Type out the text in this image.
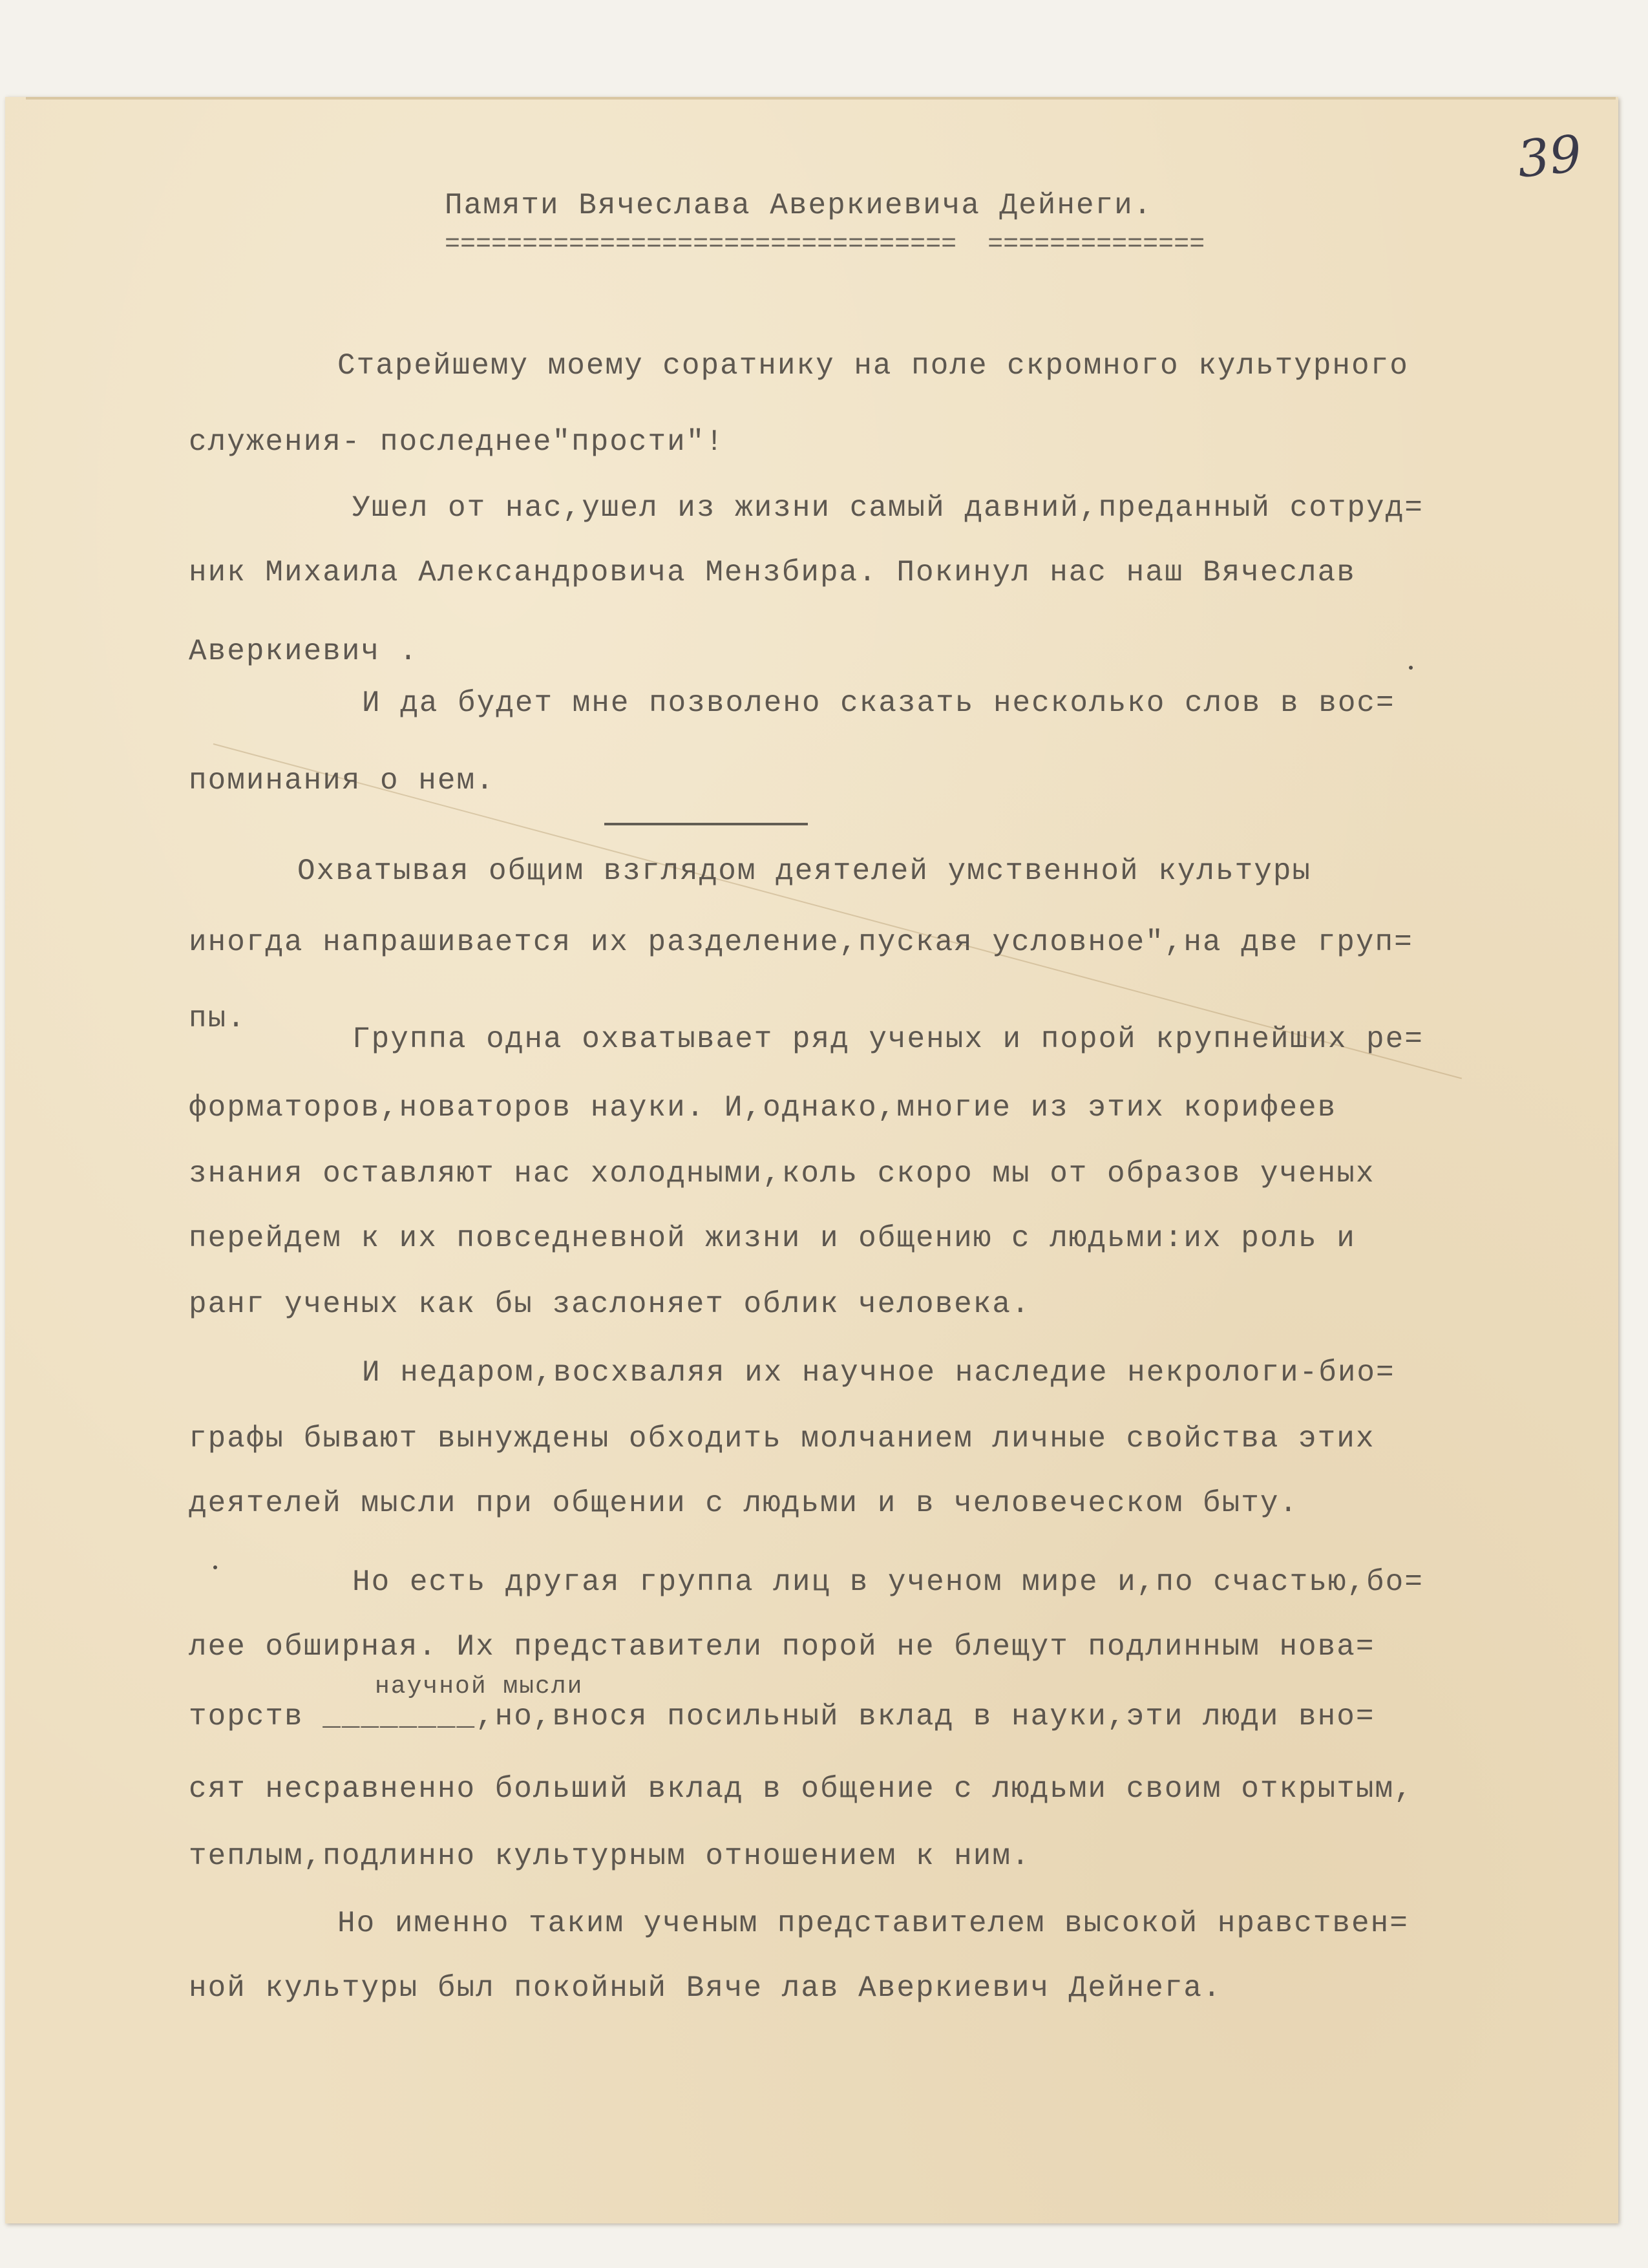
39
Памяти Вячеслава Аверкиевича Дейнеги.
=================================  ==============
Старейшему моему соратнику на поле скромного культурного
служения- последнее"прости"!
Ушел от нас,ушел из жизни самый давний,преданный сотруд=
ник Михаила Александровича Мензбира. Покинул нас наш Вячеслав
Аверкиевич .
И да будет мне позволено сказать несколько слов в вос=
поминания о нем.
Охватывая общим взглядом деятелей умственной культуры
иногда напрашивается их разделение,пуская условное",на две груп=
пы.
Группа одна охватывает ряд ученых и порой крупнейших ре=
форматоров,новаторов науки. И,однако,многие из этих корифеев
знания оставляют нас холодными,коль скоро мы от образов ученых
перейдем к их повседневной жизни и общению с людьми:их роль и
ранг ученых как бы заслоняет облик человека.
И недаром,восхваляя их научное наследие некрологи-био=
графы бывают вынуждены обходить молчанием личные свойства этих
деятелей мысли при общении с людьми и в человеческом быту.
Но есть другая группа лиц в ученом мире и,по счастью,бо=
лее обширная. Их представители порой не блещут подлинным нова=
научной мысли
торств ________,но,внося посильный вклад в науки,эти люди вно=
сят несравненно больший вклад в общение с людьми своим открытым,
теплым,подлинно культурным отношением к ним.
Но именно таким ученым представителем высокой нравствен=
ной культуры был покойный Вяче лав Аверкиевич Дейнега.
